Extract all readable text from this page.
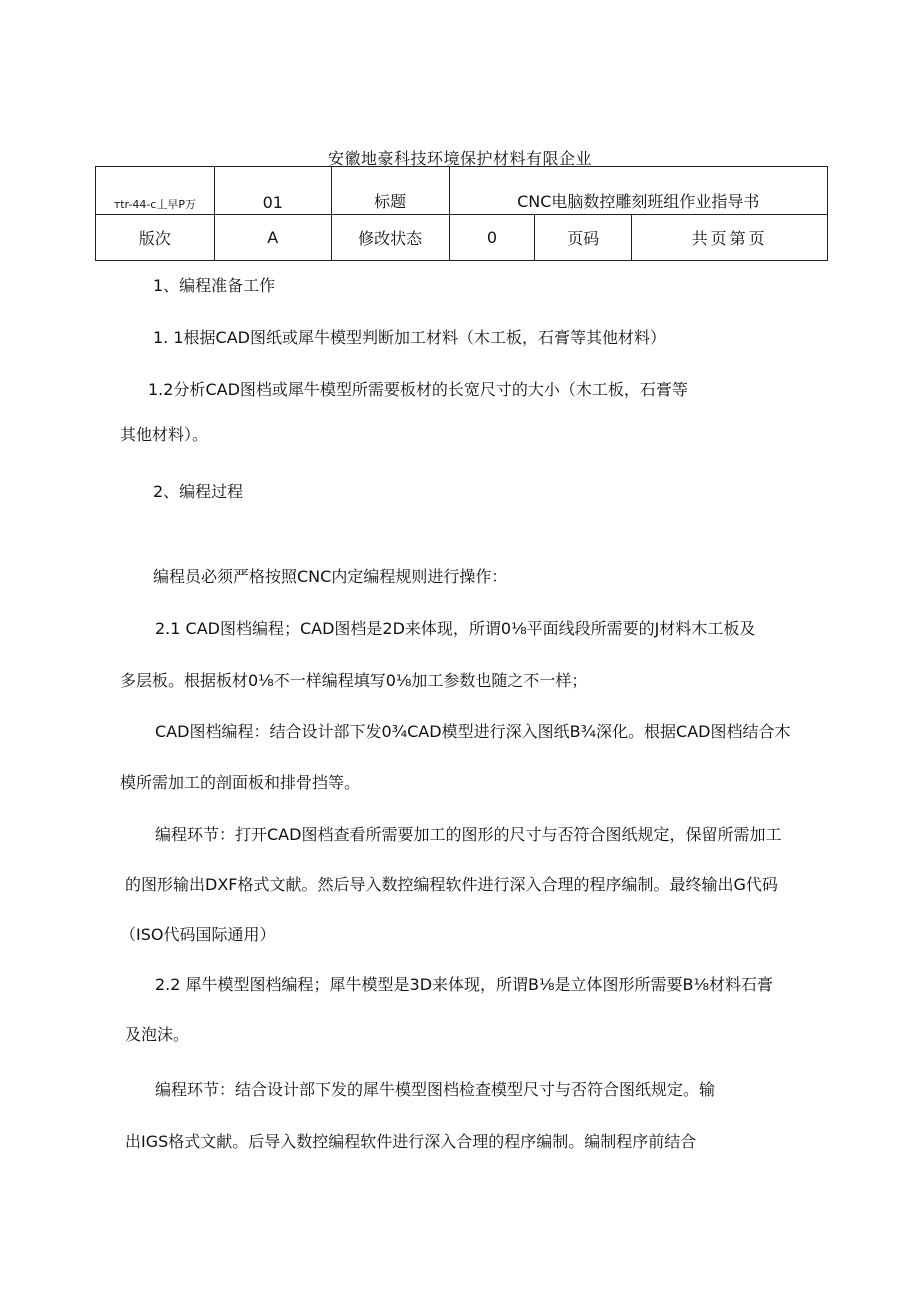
安徽地豪科技环境保护材料有限企业
тtr-44-ⅽ丄早Р万	01	标题	CNC电脑数控雕刻班组作业指导书		
版次	A	修改状态	0	页码	共页第页
1、编程准备工作
1. 1根据CAD图纸或犀牛模型判断加工材料（木工板，石膏等其他材料）
1.2分析CAD图档或犀牛模型所需要板材的长宽尺寸的大小（木工板，石膏等
其他材料）。
2、编程过程
编程员必须严格按照CNC内定编程规则进行操作：
2.1 CAD图档编程；CAD图档是2D来体现，所谓0⅛平面线段所需要的J材料木工板及
多层板。根据板材0⅛不一样编程填写0⅛加工参数也随之不一样；
CAD图档编程：结合设计部下发0¾CAD模型进行深入图纸B¾深化。根据CAD图档结合木
模所需加工的剖面板和排骨挡等。
编程环节：打开CAD图档查看所需要加工的图形的尺寸与否符合图纸规定，保留所需加工
的图形输出DXF格式文献。然后导入数控编程软件进行深入合理的程序编制。最终输出G代码
（ISO代码国际通用）
2.2 犀牛模型图档编程；犀牛模型是3D来体现，所谓B⅛是立体图形所需要B⅛材料石膏
及泡沫。
编程环节：结合设计部下发的犀牛模型图档检查模型尺寸与否符合图纸规定。输
出IGS格式文献。后导入数控编程软件进行深入合理的程序编制。编制程序前结合
